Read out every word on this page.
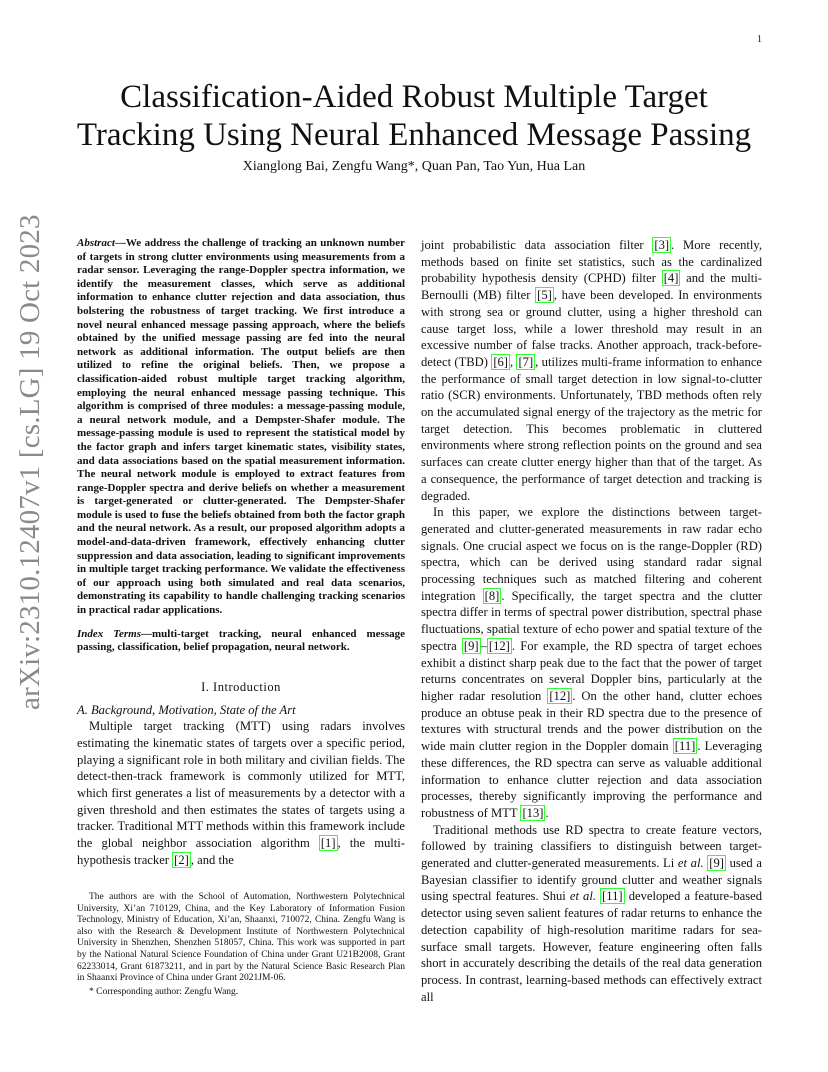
1
arXiv:2310.12407v1 [cs.LG] 19 Oct 2023
Classification-Aided Robust Multiple Target
Tracking Using Neural Enhanced Message Passing
Xianglong Bai, Zengfu Wang*, Quan Pan, Tao Yun, Hua Lan
Abstract—We address the challenge of tracking an unknown number of targets in strong clutter environments using measurements from a radar sensor. Leveraging the range-Doppler spectra information, we identify the measurement classes, which serve as additional information to enhance clutter rejection and data association, thus bolstering the robustness of target tracking. We first introduce a novel neural enhanced message passing approach, where the beliefs obtained by the unified message passing are fed into the neural network as additional information. The output beliefs are then utilized to refine the original beliefs. Then, we propose a classification-aided robust multiple target tracking algorithm, employing the neural enhanced message passing technique. This algorithm is comprised of three modules: a message-passing module, a neural network module, and a Dempster-Shafer module. The message-passing module is used to represent the statistical model by the factor graph and infers target kinematic states, visibility states, and data associations based on the spatial measurement information. The neural network module is employed to extract features from range-Doppler spectra and derive beliefs on whether a measurement is target-generated or clutter-generated. The Dempster-Shafer module is used to fuse the beliefs obtained from both the factor graph and the neural network. As a result, our proposed algorithm adopts a model-and-data-driven framework, effectively enhancing clutter suppression and data association, leading to significant improvements in multiple target tracking performance. We validate the effectiveness of our approach using both simulated and real data scenarios, demonstrating its capability to handle challenging tracking scenarios in practical radar applications.
Index Terms—multi-target tracking, neural enhanced message passing, classification, belief propagation, neural network.
I. Introduction
A. Background, Motivation, State of the Art

Multiple target tracking (MTT) using radars involves estimating the kinematic states of targets over a specific period, playing a significant role in both military and civilian fields. The detect-then-track framework is commonly utilized for MTT, which first generates a list of measurements by a detector with a given threshold and then estimates the states of targets using a tracker. Traditional MTT methods within this framework include the global neighbor association algorithm [1] , the multi-hypothesis tracker [2] , and the

The authors are with the School of Automation, Northwestern Polytechnical University, Xi’an 710129, China, and the Key Laboratory of Information Fusion Technology, Ministry of Education, Xi’an, Shaanxi, 710072, China. Zengfu Wang is also with the Research & Development Institute of Northwestern Polytechnical University in Shenzhen, Shenzhen 518057, China. This work was supported in part by the National Natural Science Foundation of China under Grant U21B2008, Grant 62233014, Grant 61873211, and in part by the Natural Science Basic Research Plan in Shaanxi Province of China under Grant 2021JM-06.
* Corresponding author: Zengfu Wang.

joint probabilistic data association filter [3] . More recently, methods based on finite set statistics, such as the cardinalized probability hypothesis density (CPHD) filter [4] and the multi-Bernoulli (MB) filter [5] , have been developed. In environments with strong sea or ground clutter, using a higher threshold can cause target loss, while a lower threshold may result in an excessive number of false tracks. Another approach, track-before-detect (TBD) [6] , [7] , utilizes multi-frame information to enhance the performance of small target detection in low signal-to-clutter ratio (SCR) environments. Unfortunately, TBD methods often rely on the accumulated signal energy of the trajectory as the metric for target detection. This becomes problematic in cluttered environments where strong reflection points on the ground and sea surfaces can create clutter energy higher than that of the target. As a consequence, the performance of target detection and tracking is degraded.

In this paper, we explore the distinctions between target-generated and clutter-generated measurements in raw radar echo signals. One crucial aspect we focus on is the range-Doppler (RD) spectra, which can be derived using standard radar signal processing techniques such as matched filtering and coherent integration [8] . Specifically, the target spectra and the clutter spectra differ in terms of spectral power distribution, spectral phase fluctuations, spatial texture of echo power and spatial texture of the spectra [9] – [12] . For example, the RD spectra of target echoes exhibit a distinct sharp peak due to the fact that the power of target returns concentrates on several Doppler bins, particularly at the higher radar resolution [12] . On the other hand, clutter echoes produce an obtuse peak in their RD spectra due to the presence of textures with structural trends and the power distribution on the wide main clutter region in the Doppler domain [11] . Leveraging these differences, the RD spectra can serve as valuable additional information to enhance clutter rejection and data association processes, thereby significantly improving the performance and robustness of MTT [13] .

Traditional methods use RD spectra to create feature vectors, followed by training classifiers to distinguish between target-generated and clutter-generated measurements. Li et al. [9] used a Bayesian classifier to identify ground clutter and weather signals using spectral features. Shui et al. [11] developed a feature-based detector using seven salient features of radar returns to enhance the detection capability of high-resolution maritime radars for sea-surface small targets. However, feature engineering often falls short in accurately describing the details of the real data generation process. In contrast, learning-based methods can effectively extract all
